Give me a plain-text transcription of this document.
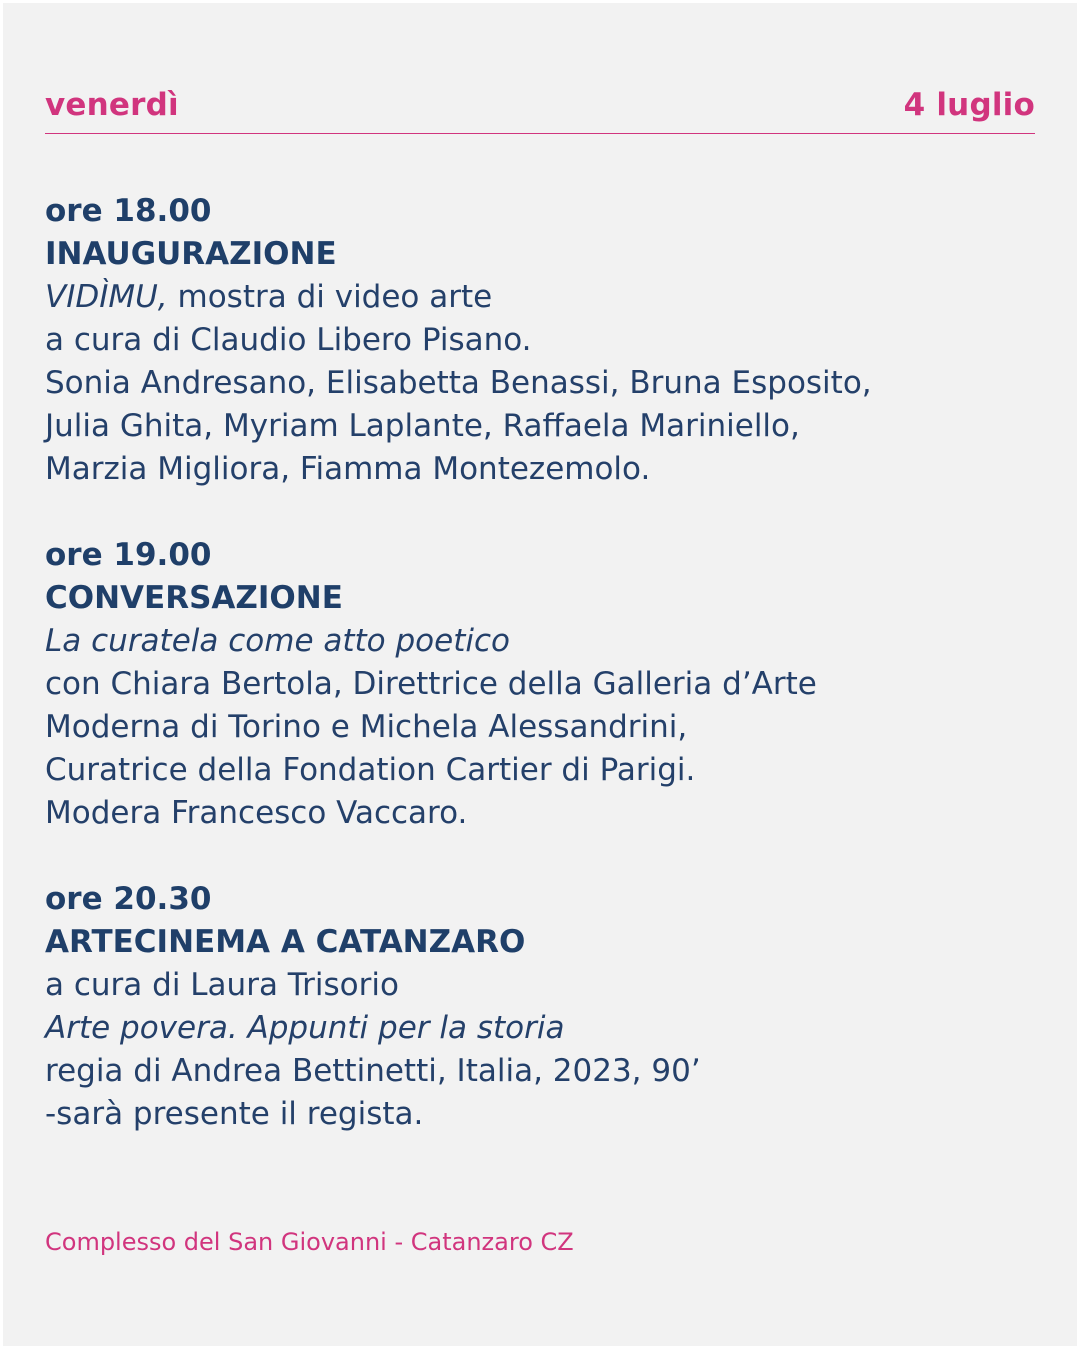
venerdì	4 luglio
ore 18.00
INAUGURAZIONE
VIDÌMU, mostra di video arte
a cura di Claudio Libero Pisano.
Sonia Andresano, Elisabetta Benassi, Bruna Esposito,
Julia Ghita, Myriam Laplante, Raffaela Mariniello,
Marzia Migliora, Fiamma Montezemolo.
ore 19.00
CONVERSAZIONE
La curatela come atto poetico
con Chiara Bertola, Direttrice della Galleria d’Arte
Moderna di Torino e Michela Alessandrini,
Curatrice della Fondation Cartier di Parigi.
Modera Francesco Vaccaro.
ore 20.30
ARTECINEMA A CATANZARO
a cura di Laura Trisorio
Arte povera. Appunti per la storia
regia di Andrea Bettinetti, Italia, 2023, 90’
-sarà presente il regista.
Complesso del San Giovanni - Catanzaro CZ
